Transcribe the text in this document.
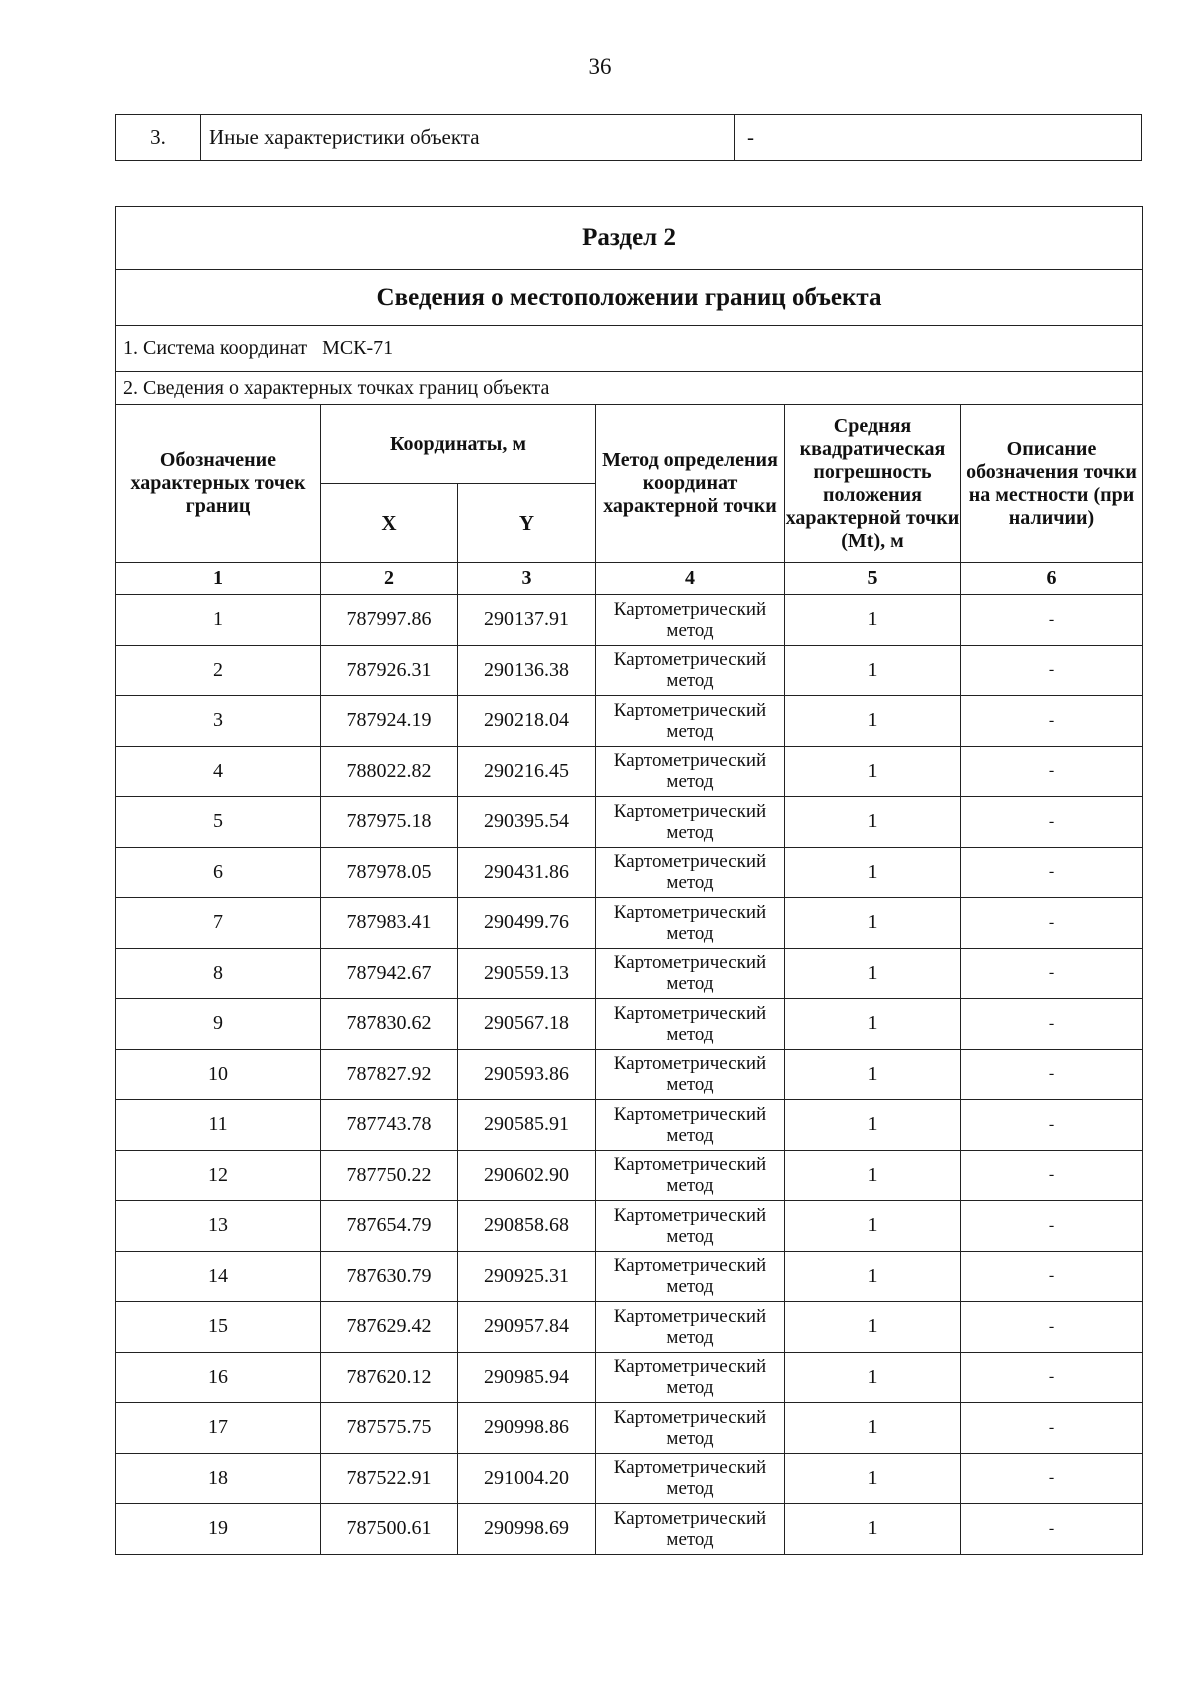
36
3.	Иные характеристики объекта	-
Раздел 2					
Сведения о местоположении границ объекта					
1. Система координат МСК-71					
2. Сведения о характерных точках границ объекта					
Обозначение характерных точек границ	Координаты, м		Метод определения координат характерной точки	Средняя квадратическая погрешность положения характерной точки (Mt), м	Описание обозначения точки на местности (при наличии)
	X	Y			
1	2	3	4	5	6
1	787997.86	290137.91	Картометрический метод	1	-
2	787926.31	290136.38	Картометрический метод	1	-
3	787924.19	290218.04	Картометрический метод	1	-
4	788022.82	290216.45	Картометрический метод	1	-
5	787975.18	290395.54	Картометрический метод	1	-
6	787978.05	290431.86	Картометрический метод	1	-
7	787983.41	290499.76	Картометрический метод	1	-
8	787942.67	290559.13	Картометрический метод	1	-
9	787830.62	290567.18	Картометрический метод	1	-
10	787827.92	290593.86	Картометрический метод	1	-
11	787743.78	290585.91	Картометрический метод	1	-
12	787750.22	290602.90	Картометрический метод	1	-
13	787654.79	290858.68	Картометрический метод	1	-
14	787630.79	290925.31	Картометрический метод	1	-
15	787629.42	290957.84	Картометрический метод	1	-
16	787620.12	290985.94	Картометрический метод	1	-
17	787575.75	290998.86	Картометрический метод	1	-
18	787522.91	291004.20	Картометрический метод	1	-
19	787500.61	290998.69	Картометрический метод	1	-
